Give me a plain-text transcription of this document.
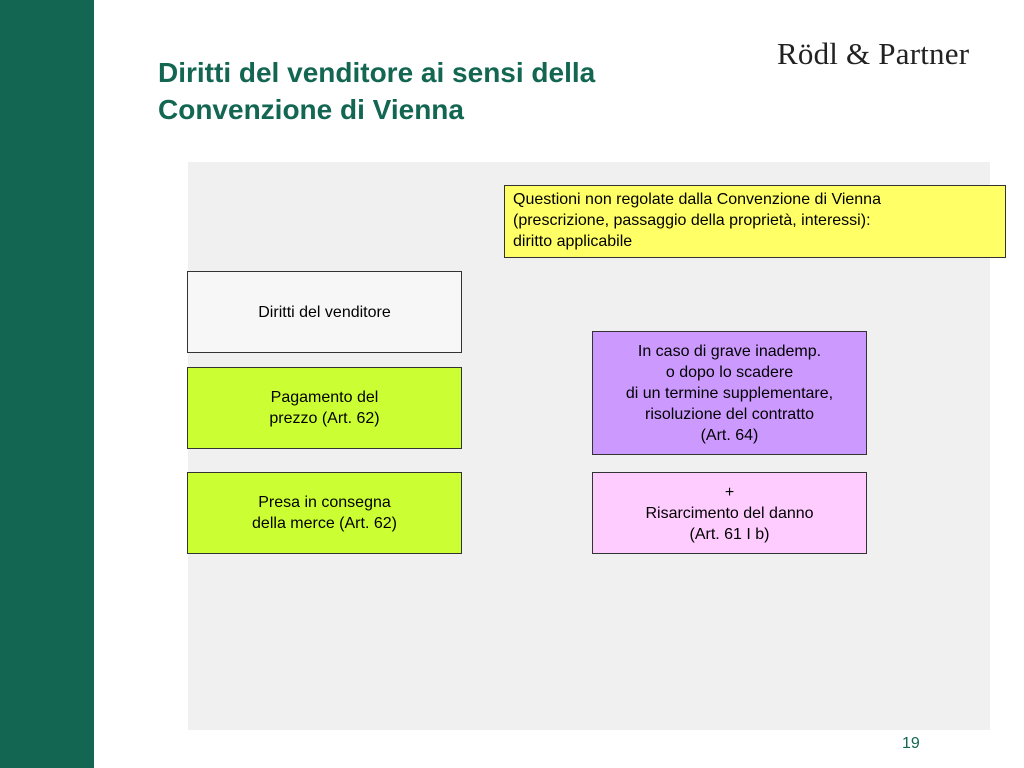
Diritti del venditore ai sensi della
Convenzione di Vienna
Rödl & Partner
Questioni non regolate dalla Convenzione di Vienna
(prescrizione, passaggio della proprietà, interessi):
diritto applicabile
Diritti del venditore
Pagamento del
prezzo (Art. 62)
Presa in consegna
della merce (Art. 62)
In caso di grave inademp.
o dopo lo scadere
di un termine supplementare,
risoluzione del contratto
(Art. 64)
+
Risarcimento del danno
(Art. 61 I b)
19
